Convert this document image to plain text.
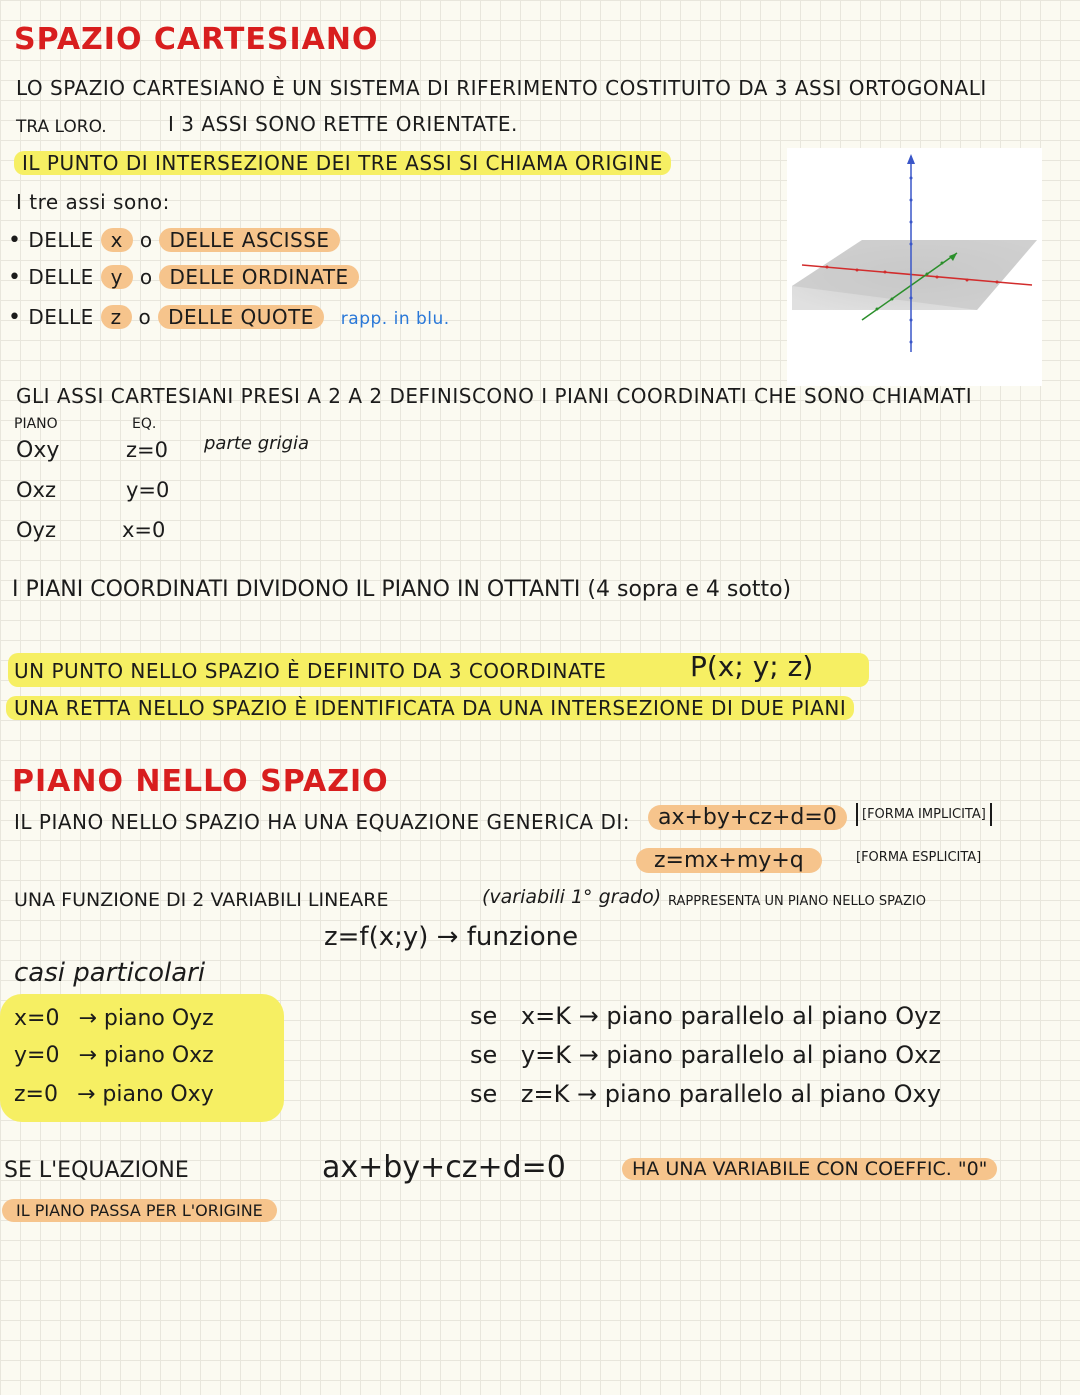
SPAZIO CARTESIANO
LO SPAZIO CARTESIANO È UN SISTEMA DI RIFERIMENTO COSTITUITO DA 3 ASSI ORTOGONALI
TRA LORO.	I 3 ASSI SONO RETTE ORIENTATE.
IL PUNTO DI INTERSEZIONE DEI TRE ASSI SI CHIAMA ORIGINE
I tre assi sono:
• DELLE x o DELLE ASCISSE
• DELLE y o DELLE ORDINATE
• DELLE z o DELLE QUOTE rapp. in blu.
GLI ASSI CARTESIANI PRESI A 2 A 2 DEFINISCONO I PIANI COORDINATI CHE SONO CHIAMATI
PIANO	EQ.
Oxy	z=0 parte grigia
Oxz	y=0
Oyz	x=0
I PIANI COORDINATI DIVIDONO IL PIANO IN OTTANTI (4 sopra e 4 sotto)
UN PUNTO NELLO SPAZIO È DEFINITO DA 3 COORDINATE	P(x; y; z)
UNA RETTA NELLO SPAZIO È IDENTIFICATA DA UNA INTERSEZIONE DI DUE PIANI
PIANO NELLO SPAZIO
IL PIANO NELLO SPAZIO HA UNA EQUAZIONE GENERICA DI:	ax+by+cz+d=0	[FORMA IMPLICITA]
z=mx+my+q	[FORMA ESPLICITA]
UNA FUNZIONE DI 2 VARIABILI LINEARE	(variabili 1° grado) RAPPRESENTA UN PIANO NELLO SPAZIO
z=f(x;y) → funzione
casi particolari
x=0 → piano Oyz
y=0 → piano Oxz
z=0 → piano Oxy
se x=K → piano parallelo al piano Oyz
se y=K → piano parallelo al piano Oxz
se z=K → piano parallelo al piano Oxy
SE L'EQUAZIONE	ax+by+cz+d=0	HA UNA VARIABILE CON COEFFIC. "0"
IL PIANO PASSA PER L'ORIGINE
